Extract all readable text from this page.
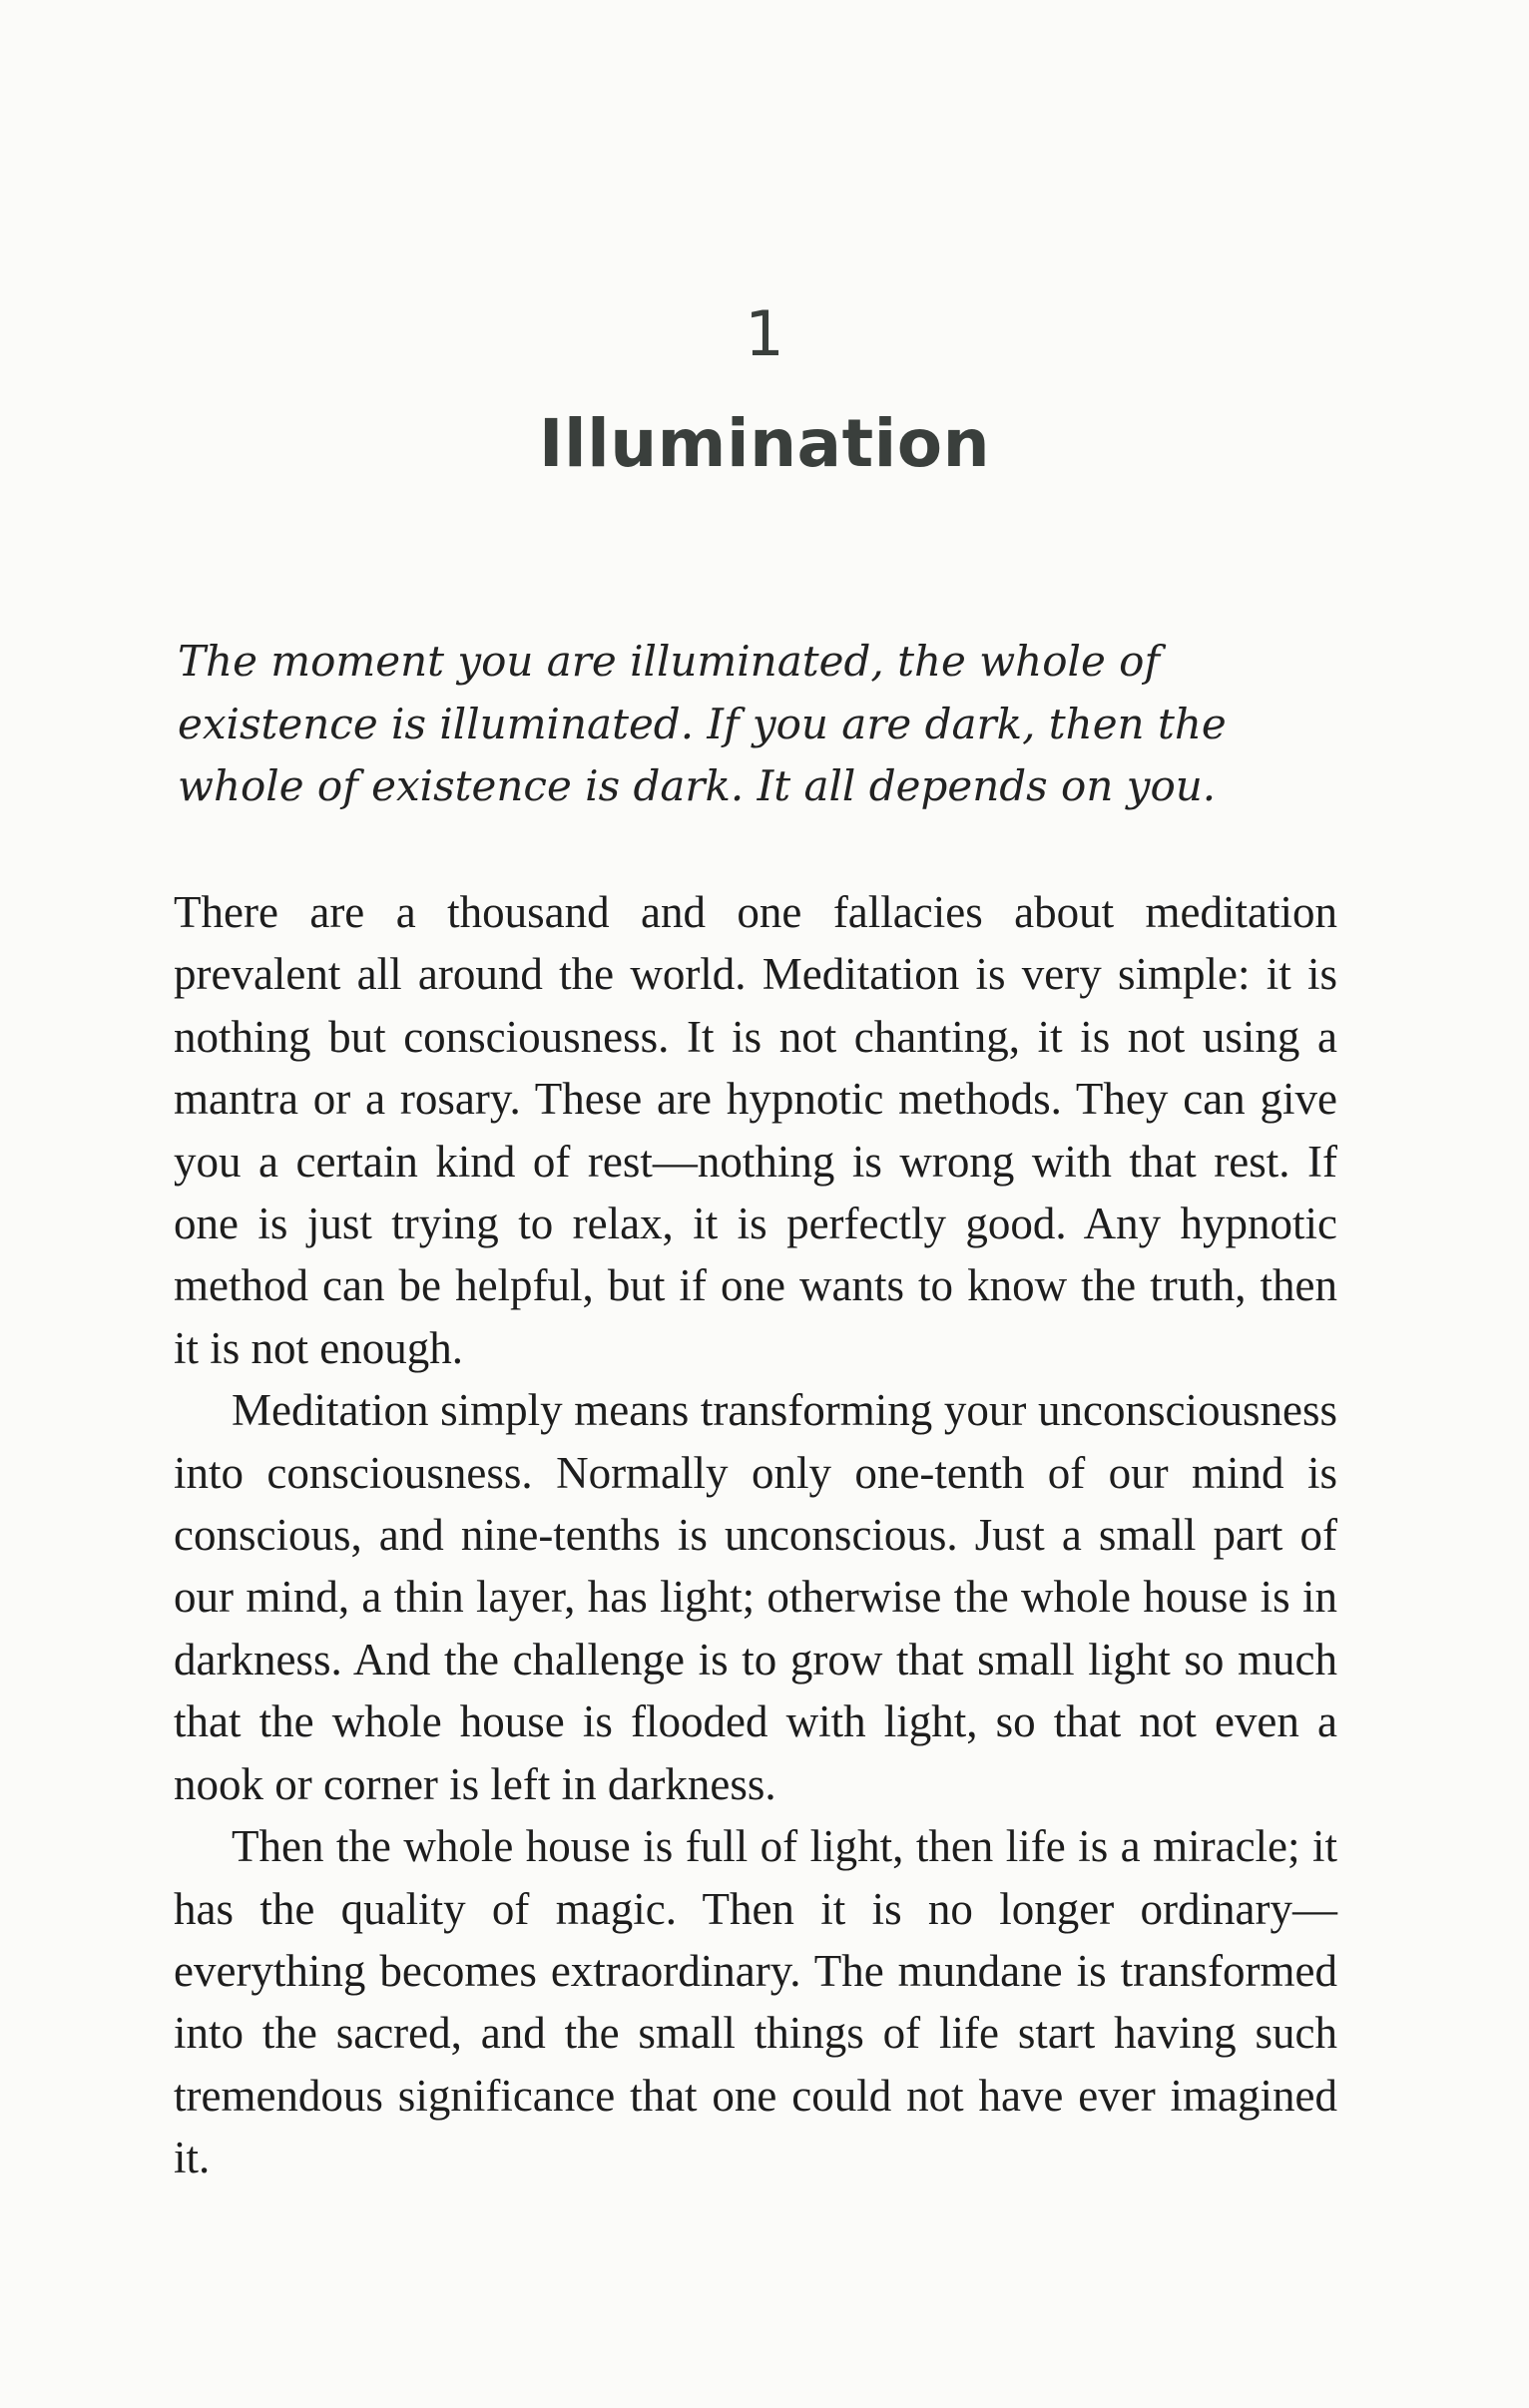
1
Illumination

The moment you are illuminated, the whole of existence is illuminated. If you are dark, then the whole of existence is dark. It all depends on you.

There are a thousand and one fallacies about meditation prevalent all around the world. Meditation is very simple: it is nothing but consciousness. It is not chanting, it is not using a mantra or a rosary. These are hypnotic methods. They can give you a certain kind of rest—nothing is wrong with that rest. If one is just trying to relax, it is perfectly good. Any hypnotic method can be helpful, but if one wants to know the truth, then it is not enough.

Meditation simply means transforming your unconsciousness into consciousness. Normally only one-tenth of our mind is conscious, and nine-tenths is unconscious. Just a small part of our mind, a thin layer, has light; otherwise the whole house is in darkness. And the challenge is to grow that small light so much that the whole house is flooded with light, so that not even a nook or corner is left in darkness.

Then the whole house is full of light, then life is a miracle; it has the quality of magic. Then it is no longer ordinary—everything becomes extraordinary. The mundane is transformed into the sacred, and the small things of life start having such tremendous significance that one could not have ever imagined it.
